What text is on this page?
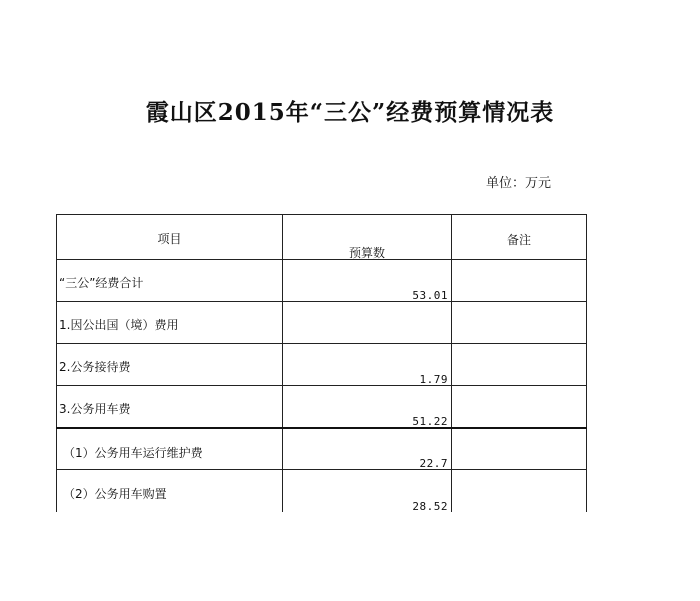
霞山区2015年“三公”经费预算情况表
单位：万元
项目	预算数	备注

“三公”经费合计	53.01	

1.因公出国（境）费用		

2.公务接待费	1.79	

3.公务用车费	51.22	

（1）公务用车运行维护费	22.7	

（2）公务用车购置	28.52	
